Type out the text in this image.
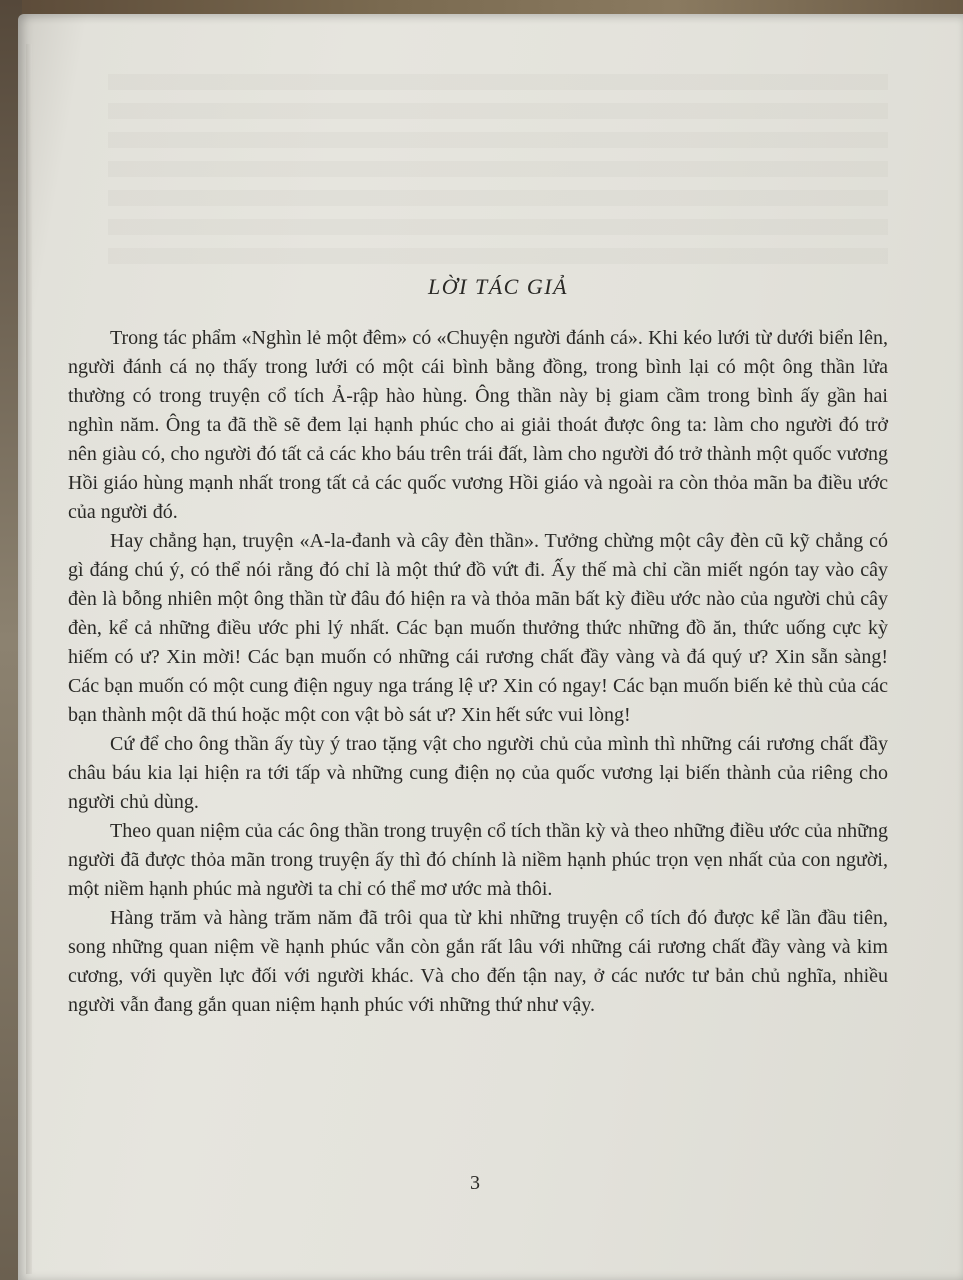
LỜI TÁC GIẢ

Trong tác phẩm «Nghìn lẻ một đêm» có «Chuyện người đánh cá». Khi kéo lưới từ dưới biển lên, người đánh cá nọ thấy trong lưới có một cái bình bằng đồng, trong bình lại có một ông thần lửa thường có trong truyện cổ tích Ả-rập hào hùng. Ông thần này bị giam cầm trong bình ấy gần hai nghìn năm. Ông ta đã thề sẽ đem lại hạnh phúc cho ai giải thoát được ông ta: làm cho người đó trở nên giàu có, cho người đó tất cả các kho báu trên trái đất, làm cho người đó trở thành một quốc vương Hồi giáo hùng mạnh nhất trong tất cả các quốc vương Hồi giáo và ngoài ra còn thỏa mãn ba điều ước của người đó.

Hay chẳng hạn, truyện «A-la-đanh và cây đèn thần». Tưởng chừng một cây đèn cũ kỹ chẳng có gì đáng chú ý, có thể nói rằng đó chỉ là một thứ đồ vứt đi. Ấy thế mà chỉ cần miết ngón tay vào cây đèn là bỗng nhiên một ông thần từ đâu đó hiện ra và thỏa mãn bất kỳ điều ước nào của người chủ cây đèn, kể cả những điều ước phi lý nhất. Các bạn muốn thưởng thức những đồ ăn, thức uống cực kỳ hiếm có ư? Xin mời! Các bạn muốn có những cái rương chất đầy vàng và đá quý ư? Xin sẵn sàng! Các bạn muốn có một cung điện nguy nga tráng lệ ư? Xin có ngay! Các bạn muốn biến kẻ thù của các bạn thành một dã thú hoặc một con vật bò sát ư? Xin hết sức vui lòng!

Cứ để cho ông thần ấy tùy ý trao tặng vật cho người chủ của mình thì những cái rương chất đầy châu báu kia lại hiện ra tới tấp và những cung điện nọ của quốc vương lại biến thành của riêng cho người chủ dùng.

Theo quan niệm của các ông thần trong truyện cổ tích thần kỳ và theo những điều ước của những người đã được thỏa mãn trong truyện ấy thì đó chính là niềm hạnh phúc trọn vẹn nhất của con người, một niềm hạnh phúc mà người ta chỉ có thể mơ ước mà thôi.

Hàng trăm và hàng trăm năm đã trôi qua từ khi những truyện cổ tích đó được kể lần đầu tiên, song những quan niệm về hạnh phúc vẫn còn gắn rất lâu với những cái rương chất đầy vàng và kim cương, với quyền lực đối với người khác. Và cho đến tận nay, ở các nước tư bản chủ nghĩa, nhiều người vẫn đang gắn quan niệm hạnh phúc với những thứ như vậy.

3
